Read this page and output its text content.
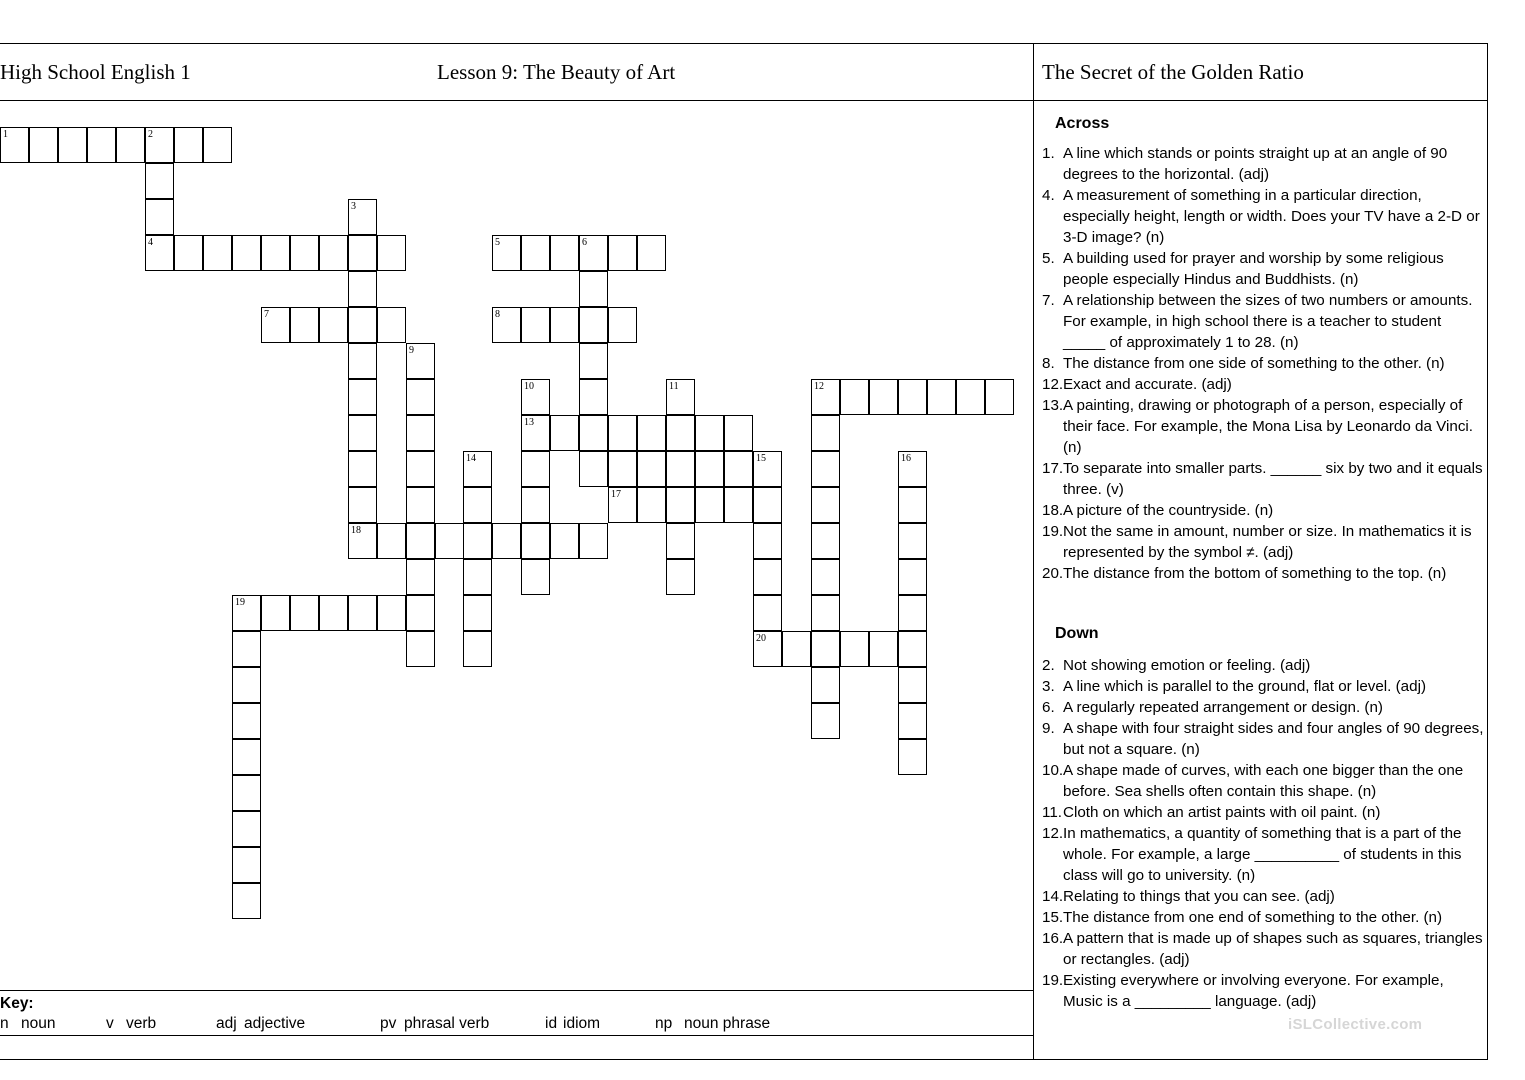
High School English 1	Lesson 9: The Beauty of Art	The Secret of the Golden Ratio
1	2
3
4	5	6
7	8
9
10	11	12
13
14	15	16
17
18
19
20
Across
1. A line which stands or points straight up at an angle of 90 degrees to the horizontal. (adj)
4. A measurement of something in a particular direction, especially height, length or width. Does your TV have a 2-D or 3-D image? (n)
5. A building used for prayer and worship by some religious people especially Hindus and Buddhists. (n)
7. A relationship between the sizes of two numbers or amounts. For example, in high school there is a teacher to student _____ of approximately 1 to 28. (n)
8. The distance from one side of something to the other. (n)
12. Exact and accurate. (adj)
13. A painting, drawing or photograph of a person, especially of their face. For example, the Mona Lisa by Leonardo da Vinci. (n)
17. To separate into smaller parts. ______ six by two and it equals three. (v)
18. A picture of the countryside. (n)
19. Not the same in amount, number or size. In mathematics it is represented by the symbol ≠. (adj)
20. The distance from the bottom of something to the top. (n)
Down
2. Not showing emotion or feeling. (adj)
3. A line which is parallel to the ground, flat or level. (adj)
6. A regularly repeated arrangement or design. (n)
9. A shape with four straight sides and four angles of 90 degrees, but not a square. (n)
10. A shape made of curves, with each one bigger than the one before. Sea shells often contain this shape. (n)
11. Cloth on which an artist paints with oil paint. (n)
12. In mathematics, a quantity of something that is a part of the whole. For example, a large __________ of students in this class will go to university. (n)
14. Relating to things that you can see. (adj)
15. The distance from one end of something to the other. (n)
16. A pattern that is made up of shapes such as squares, triangles or rectangles. (adj)
19. Existing everywhere or involving everyone. For example, Music is a _________ language. (adj)
Key:
n noun	v verb	adj adjective	pv phrasal verb	id idiom	np noun phrase	iSLCollective.com
